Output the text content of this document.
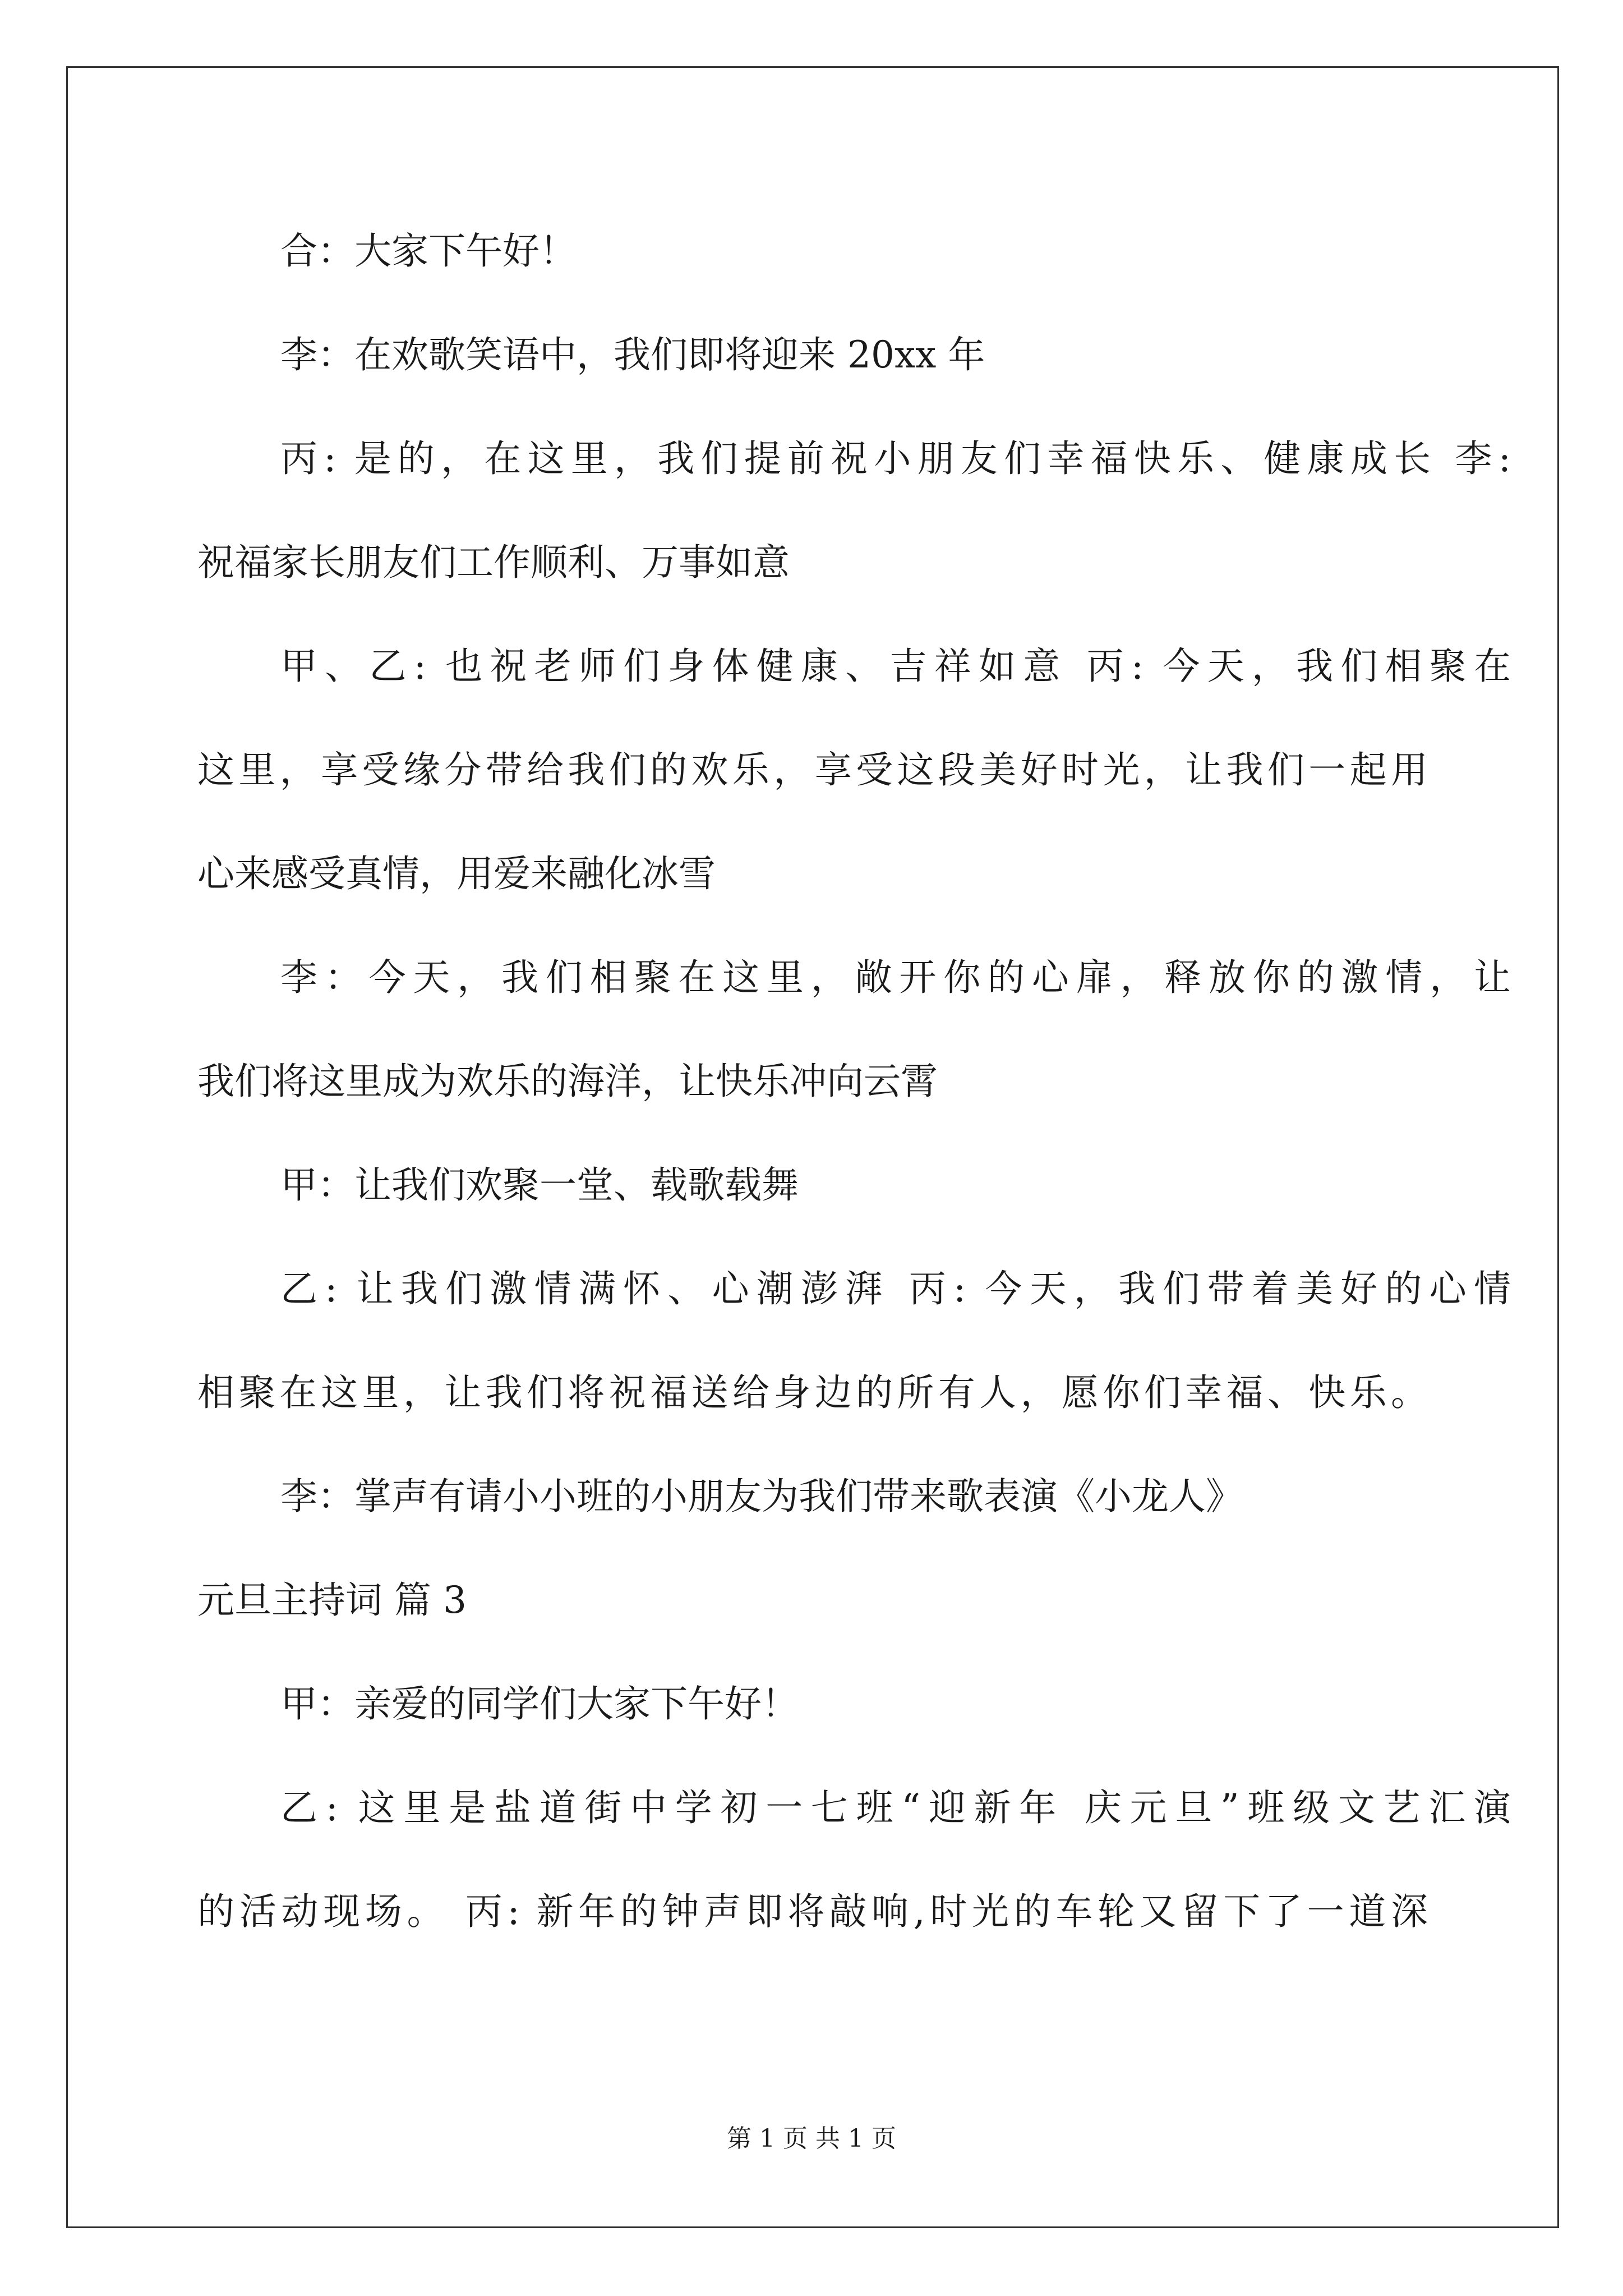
合：大家下午好！
李：在欢歌笑语中，我们即将迎来 20xx 年
丙: 是的，在这里，我们提前祝小朋友们幸福快乐、健康成长 李:
祝福家长朋友们工作顺利、万事如意
甲、乙: 也祝老师们身体健康、吉祥如意 丙: 今天，我们相聚在
这里，享受缘分带给我们的欢乐，享受这段美好时光，让我们一起用
心来感受真情，用爱来融化冰雪
李：今天，我们相聚在这里，敞开你的心扉，释放你的激情，让
我们将这里成为欢乐的海洋，让快乐冲向云霄
甲：让我们欢聚一堂、载歌载舞
乙: 让我们激情满怀、心潮澎湃 丙: 今天，我们带着美好的心情
相聚在这里，让我们将祝福送给身边的所有人，愿你们幸福、快乐。
李：掌声有请小小班的小朋友为我们带来歌表演《小龙人》
元旦主持词 篇 3
甲：亲爱的同学们大家下午好！
乙: 这里是盐道街中学初一七班“迎新年 庆元旦”班级文艺汇演
的活动现场。 丙: 新年的钟声即将敲响,时光的车轮又留下了一道深
第 1 页 共 1 页
